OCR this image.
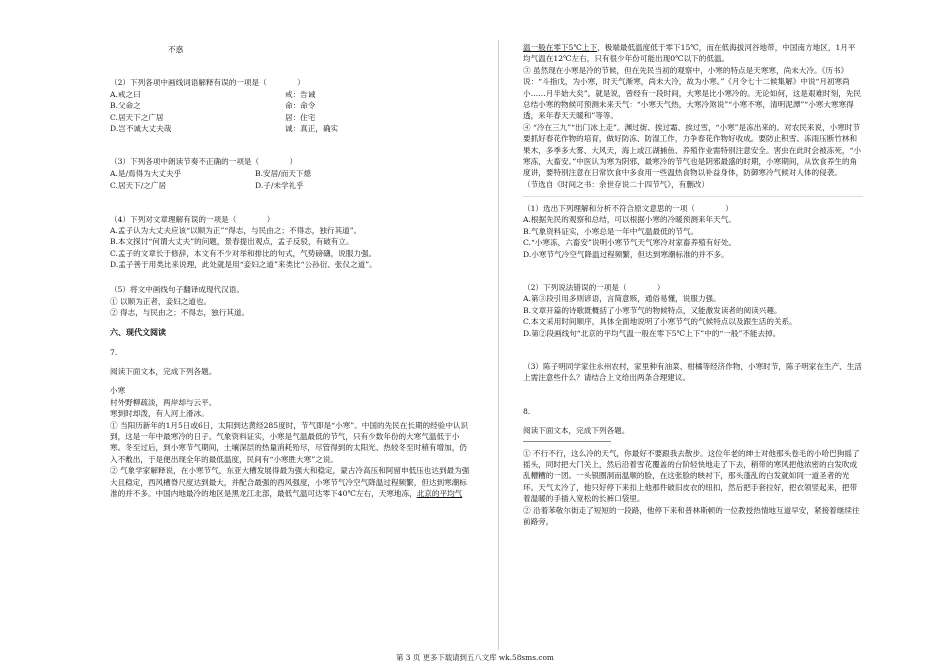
不惑
（2）下列各项中画线词语解释有误的一项是（　　　　）
A.戒之曰	戒：告诫
B.父命之	命：命令
C.居天下之广居	居：住宅
D.岂不诚大丈夫哉	诚：真正，确实
（3）下列各项中朗读节奏不正确的一项是（　　　　）
A.是/焉得为大丈夫乎	B.安居/而天下熄
C.居天下/之广居	D.子/未学礼乎
（4）下列对文章理解有误的一项是（　　　　）
A.孟子认为大丈夫应该“以顺为正”“得志，与民由之；不得志，独行其道”。
B.本文探讨“何谓大丈夫”的问题，景春提出观点，孟子反驳，有破有立。
C.孟子的文章长于修辞，本文有不少对举和排比的句式，气势磅礴，说服力强。
D.孟子善于用类比来说理，此处就是用“妾妇之道”来类比“公孙衍、张仪之道”。
（5）将文中画线句子翻译成现代汉语。
① 以顺为正者，妾妇之道也。
② 得志，与民由之；不得志，独行其道。
六、现代文阅读
7.
阅读下面文本，完成下列各题。
小寒
村外野柳疏淡，两岸却与云平。
寒到时却泼，有人河上滑冰。
① 当阳历新年的1月5日或6日，太阳到达黄经285度时，节气即是“小寒”。中国的先民在长期的经验中认识到，这是一年中最寒冷的日子。气象资料证实，小寒是气温最低的节气，只有少数年份的大寒气温低于小寒。冬至过后，到小寒节气期间，土壤深层的热量消耗殆尽，尽管得到的太阳光、热较冬至时稍有增加，仍入不敷出，于是便出现全年的最低温度，民间有“小寒胜大寒”之说。
② 气象学家解释说，在小寒节气，东亚大槽发展得最为强大和稳定，蒙古冷高压和阿留申低压也达到最为强大且稳定，西风槽脊尺度达到最大，并配合最强的西风强度，小寒节气冷空气降温过程频繁，但达到寒潮标准的并不多。中国内地最冷的地区是黑龙江北部，最低气温可达零下40℃左右，天寒地冻，北京的平均气
温一般在零下5℃上下，极端最低温度低于零下15℃，而在低海拔河谷地带，中国南方地区，1月平均气温在12℃左右，只有很少年份可能出现0℃以下的低温。
③ 虽然现在小寒是冷的节候，但在先民当初的观察中，小寒的特点是天寒寒，尚未大冷。《历书》说：“斗指戊，为小寒，时天气渐寒，尚未大冷，故为小寒。”《月令七十二候集解》中说“月初寒尚小……月半始大矣”。就是说，曾经有一段时间，大寒是比小寒冷的。无论如何，这是艰难时刻，先民总结小寒的物候可预测未来天气：“小寒天气热，大寒冷煞说”“小寒不寒，清明泥潭”“小寒大寒寒得透，来年春天天暖和”等等。
④ “冷在三九”“出门冰上走”。渊过街、挨过霜、挨过雪，“小寒”是冻出来的。对农民来说，小寒时节要抓好春花作物的培育，做好防冻、防湿工作，力争春花作物好收成。要防止积雪、冻雨压断竹林和果木，多季多大雾、大风天，海上或江湖捕鱼、养殖作业需特别注意安全。害虫在此时会被冻死，“小寒冻，大畜安。”中医认为寒为阴邪，最寒冷的节气也是阴邪最盛的时期，小寒期间，从饮食养生的角度讲，要特别注意在日常饮食中多食用一些温热食物以补益身体，防御寒冷气候对人体的侵袭。
（节选自《时间之书：余世存说二十四节气》，有删改）
（1）选出下列理解和分析不符合原文意思的一项（　　　　）
A.根据先民的观察和总结，可以根据小寒的冷暖预测来年天气。
B.气象资料证实，小寒总是一年中气温最低的节气。
C.“小寒冻，六畜安”说明小寒节气天气寒冷对家畜养殖有好处。
D.小寒节气冷空气降温过程频繁，但达到寒潮标准的并不多。
（2）下列说法错误的一项是（　　　　）
A.第③段引用多则谚语，言简意赅，通俗易懂，说服力强。
B.文章开篇的诗歌既概括了小寒节气的物候特点，又能激发读者的阅读兴趣。
C.本文采用时间顺序，具体全面地说明了小寒节气的气候特点以及跟生活的关系。
D.第②段画线句“北京的平均气温一般在零下5℃上下”中的“一般”不能去掉。
（3）陈子明同学家住永州农村，家里种有油菜、柑橘等经济作物，小寒时节，陈子明家在生产、生活上需注意些什么？请结合上文给出两条合理建议。
8.
阅读下面文本，完成下列各题。
① 不行不行，这么冷的天气，你最好不要跟我去散步。这位年老的绅士对他那头卷毛的小哈巴狗摇了摇头，同时把大门关上，然后沿着雪花覆盖的台阶轻快地走了下去，稍带的寒风把他浓密的白发吹成乱糟糟的一团。一头银圈洞而温顺的脸，在这张脸的映衬下，那头蓬乱的白发就如同一道圣者的光环。天气太冷了，他只好停下来扣上他那件破旧皮衣的纽扣，然后把手套拉好，把衣领竖起来，把带着温暖的手插入宽松的长裤口袋里。
② 沿着苯敬尔街走了短短的一段路，他停下来和普林斯顿的一位教授热情地互道早安，紧接着继续往前路旁，
第 3 页 更多下载请到五八文库 wk.58sms.com
